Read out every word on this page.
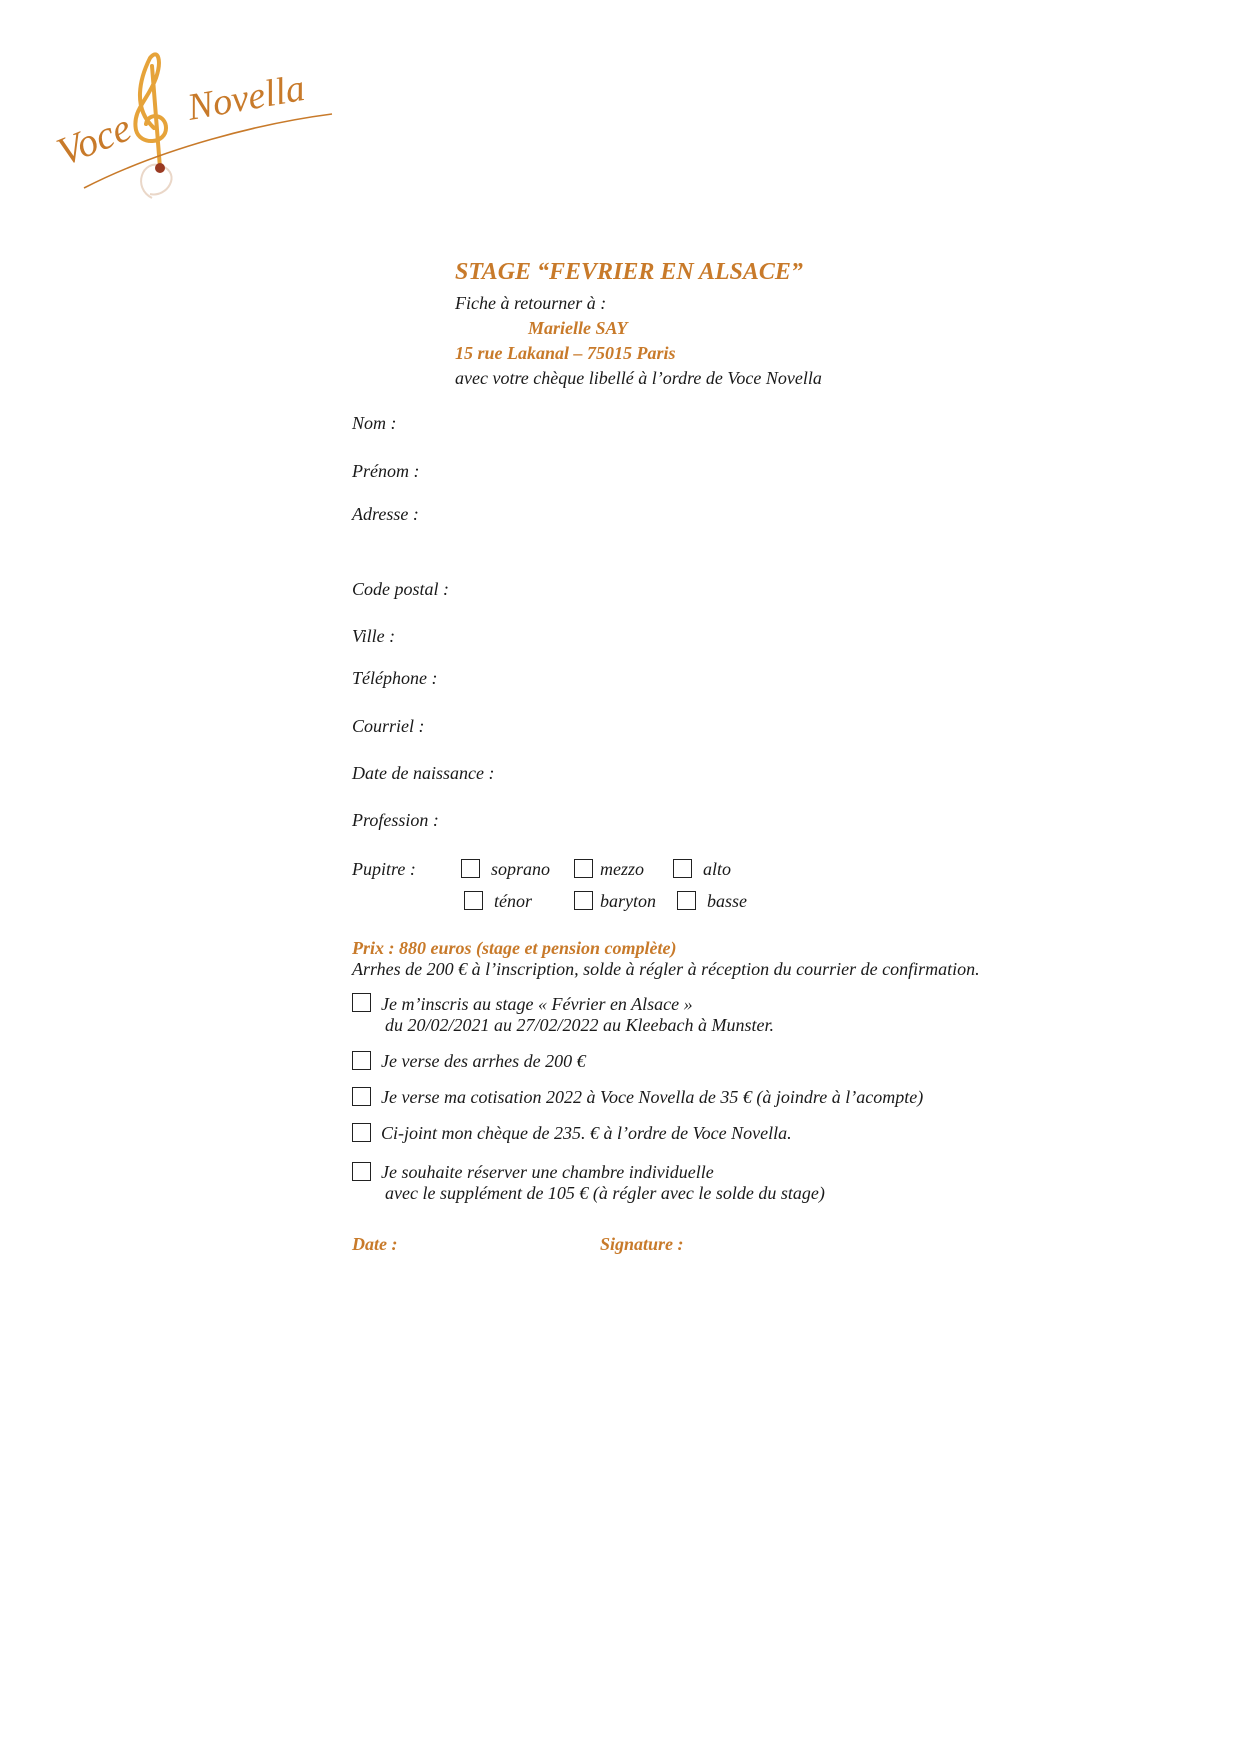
Voce
Novella
STAGE “FEVRIER EN ALSACE”
Fiche à retourner à :
Marielle SAY
15 rue Lakanal – 75015 Paris
avec votre chèque libellé à l’ordre de Voce Novella
Nom :
Prénom :
Adresse :
Code postal :
Ville :
Téléphone :
Courriel :
Date de naissance :
Profession :
Pupitre :	soprano	mezzo	alto
ténor	baryton	basse
Prix : 880 euros (stage et pension complète)
Arrhes de 200 € à l’inscription, solde à régler à réception du courrier de confirmation.
Je m’inscris au stage « Février en Alsace »
du 20/02/2021 au 27/02/2022 au Kleebach à Munster.
Je verse des arrhes de 200 €
Je verse ma cotisation 2022 à Voce Novella de 35 € (à joindre à l’acompte)
Ci-joint mon chèque de 235. € à l’ordre de Voce Novella.
Je souhaite réserver une chambre individuelle
avec le supplément de 105 € (à régler avec le solde du stage)
Date :	Signature :
